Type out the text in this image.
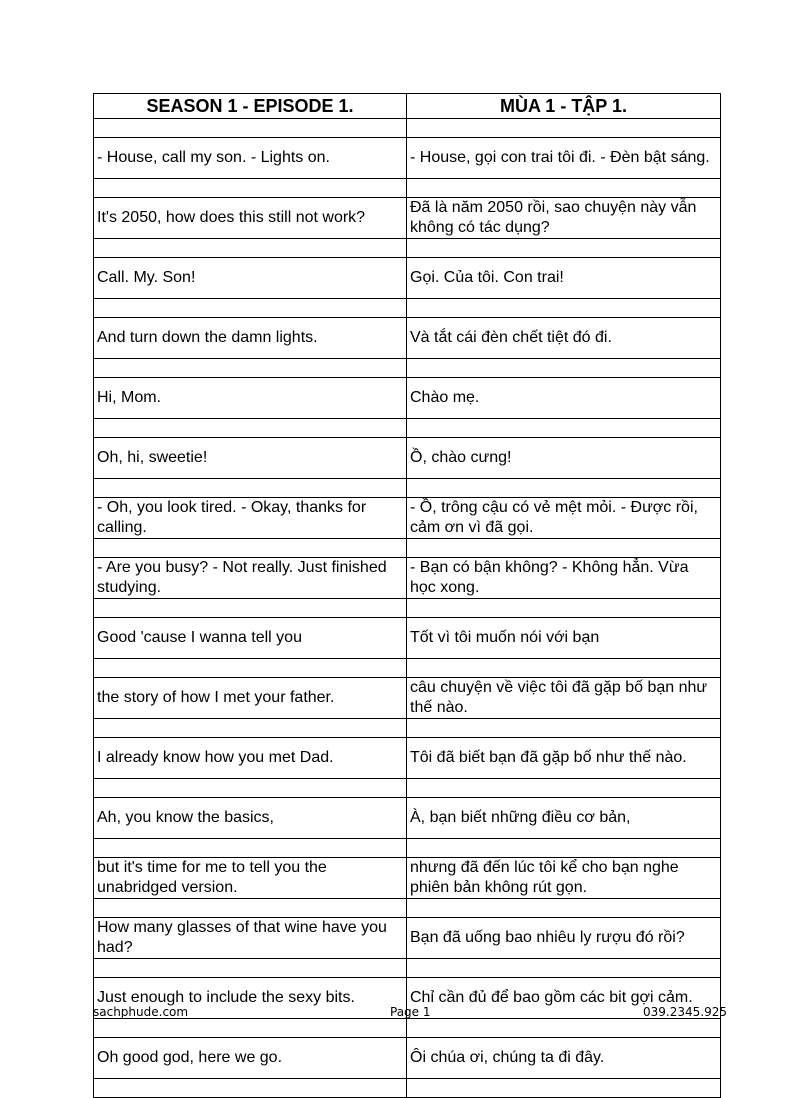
SEASON 1 - EPISODE 1.	MÙA 1 - TẬP 1.

- House, call my son. - Lights on.	- House, gọi con trai tôi đi. - Đèn bật sáng.

It's 2050, how does this still not work?	Đã là năm 2050 rồi, sao chuyện này vẫn không có tác dụng?

Call. My. Son!	Gọi. Của tôi. Con trai!

And turn down the damn lights.	Và tắt cái đèn chết tiệt đó đi.

Hi, Mom.	Chào mẹ.

Oh, hi, sweetie!	Ồ, chào cưng!

- Oh, you look tired. - Okay, thanks for calling.	- Ồ, trông cậu có vẻ mệt mỏi. - Được rồi, cảm ơn vì đã gọi.

- Are you busy? - Not really. Just finished studying.	- Bạn có bận không? - Không hẳn. Vừa học xong.

Good 'cause I wanna tell you	Tốt vì tôi muốn nói với bạn

the story of how I met your father.	câu chuyện về việc tôi đã gặp bố bạn như thế nào.

I already know how you met Dad.	Tôi đã biết bạn đã gặp bố như thế nào.

Ah, you know the basics,	À, bạn biết những điều cơ bản,

but it's time for me to tell you the unabridged version.	nhưng đã đến lúc tôi kể cho bạn nghe phiên bản không rút gọn.

How many glasses of that wine have you had?	Bạn đã uống bao nhiêu ly rượu đó rồi?

Just enough to include the sexy bits.	Chỉ cần đủ để bao gồm các bit gợi cảm.

Oh good god, here we go.	Ôi chúa ơi, chúng ta đi đây.

sachphude.com	Page 1	039.2345.925
